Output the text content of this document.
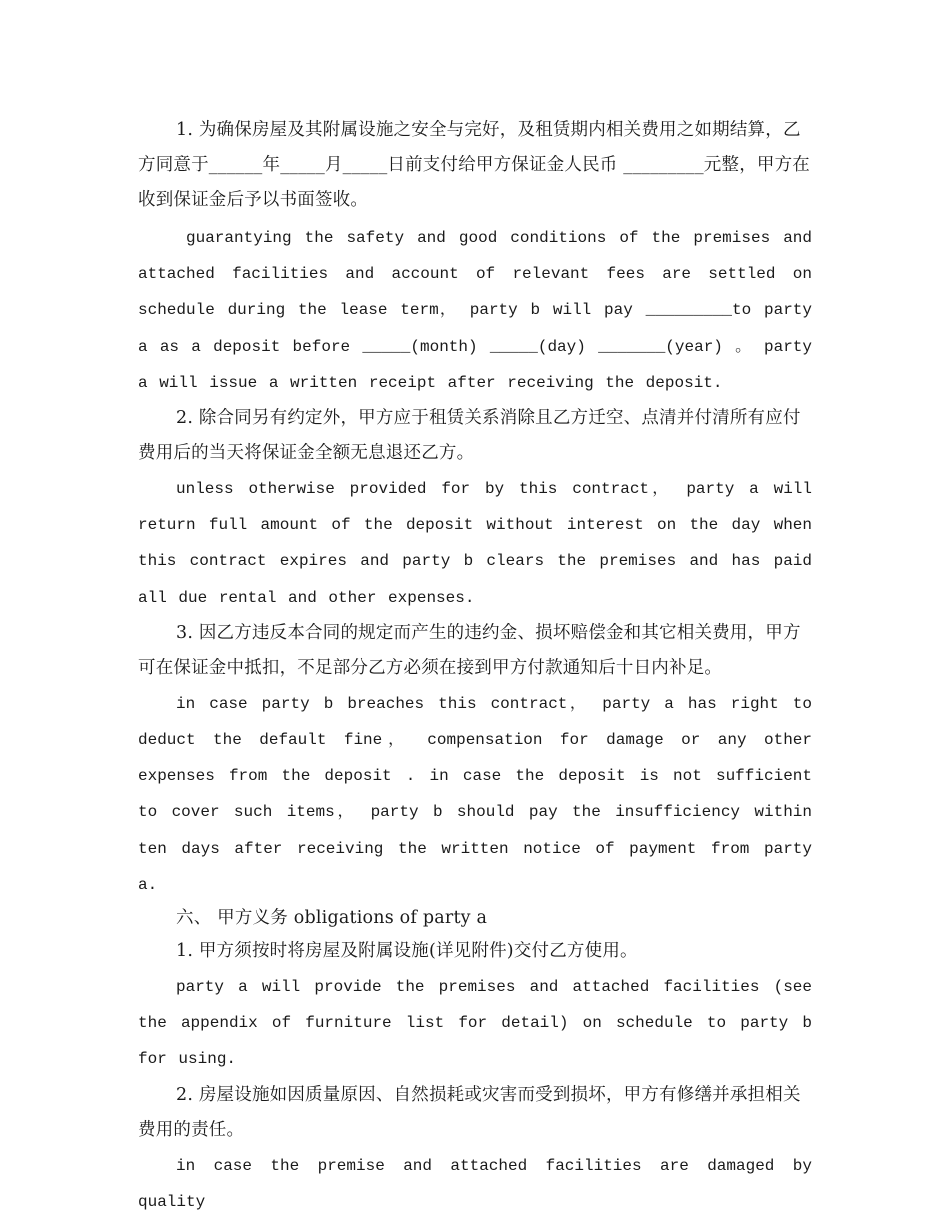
1. 为确保房屋及其附属设施之安全与完好，及租赁期内相关费用之如期结算，乙方同意于______年_____月_____日前支付给甲方保证金人民币 _________元整，甲方在收到保证金后予以书面签收。

guarantying the safety and good conditions of the premises and attached facilities and account of relevant fees are settled on schedule during the lease term， party b will pay _________to party a as a deposit before _____(month) _____(day) _______(year) 。 party a will issue a written receipt after receiving the deposit.

2. 除合同另有约定外，甲方应于租赁关系消除且乙方迁空、点清并付清所有应付费用后的当天将保证金全额无息退还乙方。

unless otherwise provided for by this contract， party a will return full amount of the deposit without interest on the day when this contract expires and party b clears the premises and has paid all due rental and other expenses.

3. 因乙方违反本合同的规定而产生的违约金、损坏赔偿金和其它相关费用，甲方可在保证金中抵扣，不足部分乙方必须在接到甲方付款通知后十日内补足。

in case party b breaches this contract， party a has right to deduct the default fine， compensation for damage or any other expenses from the deposit . in case the deposit is not sufficient to cover such items， party b should pay the insufficiency within ten days after receiving the written notice of payment from party a.

六、 甲方义务 obligations of party a

1. 甲方须按时将房屋及附属设施(详见附件)交付乙方使用。

party a will provide the premises and attached facilities (see the appendix of furniture list for detail) on schedule to party b for using.

2. 房屋设施如因质量原因、自然损耗或灾害而受到损坏，甲方有修缮并承担相关费用的责任。

in case the premise and attached facilities are damaged by quality
